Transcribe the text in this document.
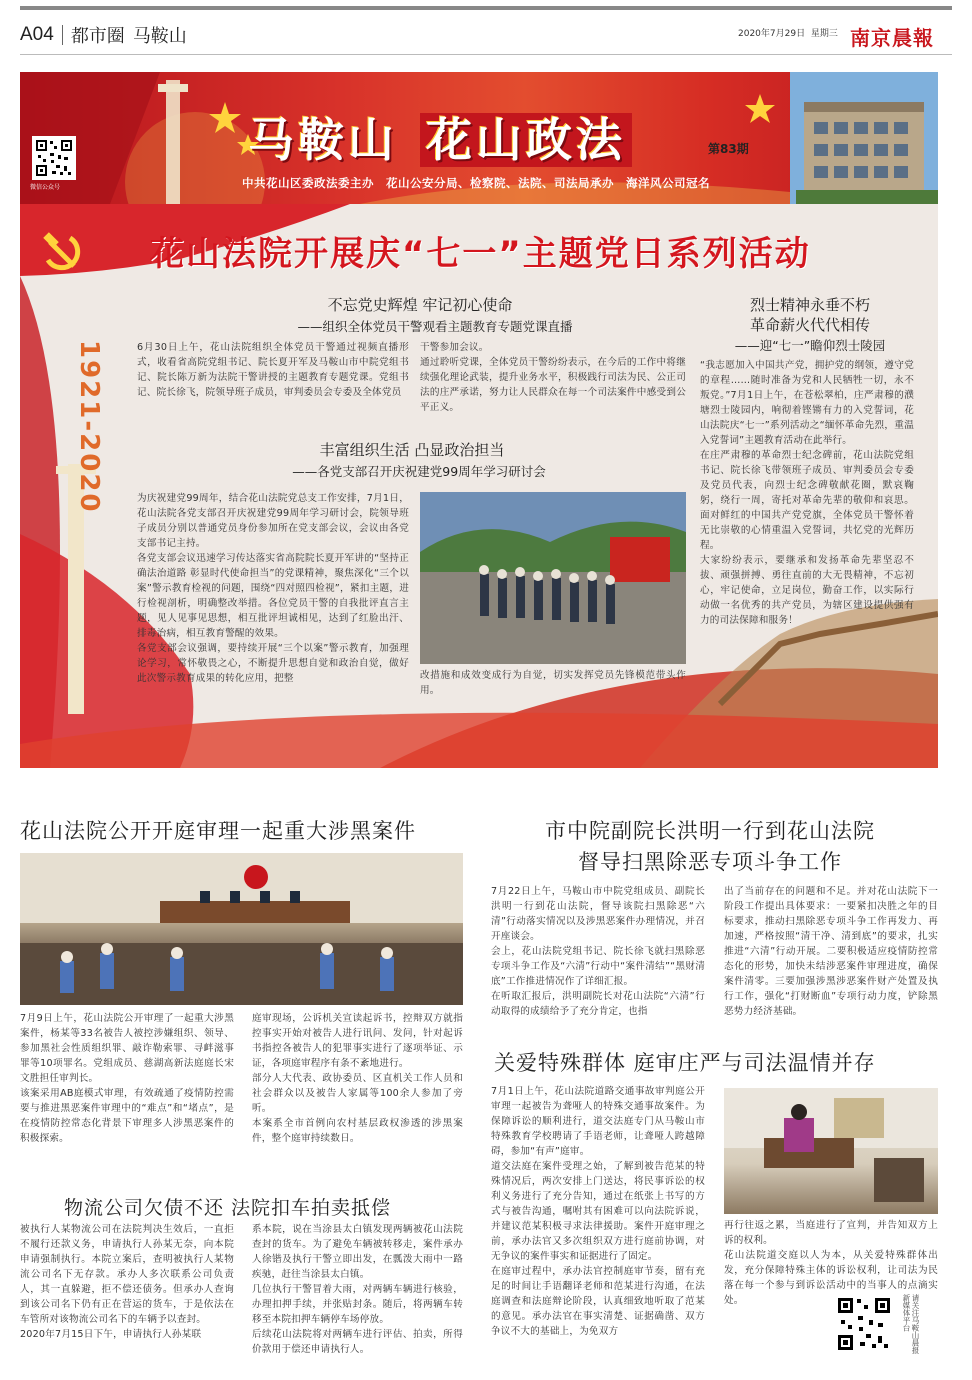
A04 都市圈 马鞍山	2020年7月29日 星期三 南京晨報
微信公众号
马鞍山 花山政法	第83期
中共花山区委政法委主办　花山公安分局、检察院、法院、司法局承办　海洋风公司冠名
1921-2020
花山法院开展庆“七一”主题党日系列活动
不忘党史辉煌 牢记初心使命
——组织全体党员干警观看主题教育专题党课直播
6月30日上午，花山法院组织全体党员干警通过视频直播形式，收看省高院党组书记、院长夏开军及马鞍山市中院党组书记、院长陈万新为法院干警讲授的主题教育专题党课。党组书记、院长徐飞，院领导班子成员，审判委员会专委及全体党员
干警参加会议。
通过聆听党课，全体党员干警纷纷表示，在今后的工作中将继续强化理论武装，提升业务水平，积极践行司法为民、公正司法的庄严承诺，努力让人民群众在每一个司法案件中感受到公平正义。
丰富组织生活 凸显政治担当
——各党支部召开庆祝建党99周年学习研讨会
为庆祝建党99周年，结合花山法院党总支工作安排，7月1日，花山法院各党支部召开庆祝建党99周年学习研讨会，院领导班子成员分别以普通党员身份参加所在党支部会议，会议由各党支部书记主持。
各党支部会议迅速学习传达落实省高院院长夏开军讲的“坚持正确法治道路 彰显时代使命担当”的党课精神，聚焦深化“三个以案”警示教育检视的问题，围绕“四对照四检视”，紧扣主题，进行检视剖析，明确整改举措。各位党员干警的自我批评直言主题，见人见事见思想，相互批评坦诚相见，达到了红脸出汗、排毒治病，相互教育警醒的效果。
各党支部会议强调，要持续开展“三个以案”警示教育，加强理论学习，常怀敬畏之心，不断提升思想自觉和政治自觉，做好此次警示教育成果的转化应用，把整	改措施和成效变成行为自觉，切实发挥党员先锋模范带头作用。
烈士精神永垂不朽
革命薪火代代相传
——迎“七一”瞻仰烈士陵园
“我志愿加入中国共产党，拥护党的纲领，遵守党的章程……随时准备为党和人民牺牲一切，永不叛党。”7月1日上午，在苍松翠柏，庄严肃穆的濮塘烈士陵园内，响彻着铿锵有力的入党誓词，花山法院庆“七一”系列活动之“缅怀革命先烈，重温入党誓词”主题教育活动在此举行。
在庄严肃穆的革命烈士纪念碑前，花山法院党组书记、院长徐飞带领班子成员、审判委员会专委及党员代表，向烈士纪念碑敬献花圈，默哀鞠躬，绕行一周，寄托对革命先辈的敬仰和哀思。面对鲜红的中国共产党党旗，全体党员干警怀着无比崇敬的心情重温入党誓词，共忆党的光辉历程。
大家纷纷表示，要继承和发扬革命先辈坚忍不拔、顽强拼搏、勇往直前的大无畏精神，不忘初心，牢记使命，立足岗位，勤奋工作，以实际行动做一名优秀的共产党员，为辖区建设提供强有力的司法保障和服务！
花山法院公开开庭审理一起重大涉黑案件
7月9日上午，花山法院公开审理了一起重大涉黑案件，杨某等33名被告人被控涉嫌组织、领导、参加黑社会性质组织罪、敲诈勒索罪、寻衅滋事罪等10项罪名。党组成员、慈湖高新法庭庭长宋文胜担任审判长。
该案采用AB庭模式审理，有效疏通了疫情防控需要与推进黑恶案件审理中的“难点”和“堵点”，是在疫情防控常态化背景下审理多人涉黑恶案件的积极探索。
庭审现场，公诉机关宣读起诉书，控辩双方就指控事实开始对被告人进行讯问、发问，针对起诉书指控各被告人的犯罪事实进行了逐项举证、示证，各项庭审程序有条不紊地进行。
部分人大代表、政协委员、区直机关工作人员和社会群众以及被告人家属等100余人参加了旁听。
本案系全市首例向农村基层政权渗透的涉黑案件，整个庭审持续数日。
物流公司欠债不还 法院扣车拍卖抵偿
被执行人某物流公司在法院判决生效后，一直拒不履行还款义务，申请执行人孙某无奈，向本院申请强制执行。本院立案后，查明被执行人某物流公司名下无存款。承办人多次联系公司负责人，其一直躲避，拒不偿还债务。但承办人查询到该公司名下仍有正在营运的货车，于是依法在车管所对该物流公司名下的车辆予以查封。
2020年7月15日下午，申请执行人孙某联
系本院，说在当涂县太白镇发现两辆被花山法院查封的货车。为了避免车辆被转移走，案件承办人徐锴及执行干警立即出发，在瓢泼大雨中一路疾驰，赶往当涂县太白镇。
几位执行干警冒着大雨，对两辆车辆进行核验，办理扣押手续，并张贴封条。随后，将两辆车转移至本院扣押车辆停车场停放。
后续花山法院将对两辆车进行评估、拍卖，所得价款用于偿还申请执行人。
市中院副院长洪明一行到花山法院
督导扫黑除恶专项斗争工作
7月22日上午，马鞍山市中院党组成员、副院长洪明一行到花山法院，督导该院扫黑除恶“六清”行动落实情况以及涉黑恶案件办理情况，并召开座谈会。
会上，花山法院党组书记、院长徐飞就扫黑除恶专项斗争工作及“六清”行动中“案件清结”“黑财清底”工作推进情况作了详细汇报。
在听取汇报后，洪明副院长对花山法院“六清”行动取得的成绩给予了充分肯定，也指
出了当前存在的问题和不足。并对花山法院下一阶段工作提出具体要求：一要紧扣决胜之年的目标要求，推动扫黑除恶专项斗争工作再发力、再加速，严格按照“清干净、清到底”的要求，扎实推进“六清”行动开展。二要积极适应疫情防控常态化的形势，加快未结涉恶案件审理进度，确保案件清零。三要加强涉黑涉恶案件财产处置及执行工作，强化“打财断血”专项行动力度，铲除黑恶势力经济基础。
关爱特殊群体 庭审庄严与司法温情并存
7月1日上午，花山法院道路交通事故审判庭公开审理一起被告为聋哑人的特殊交通事故案件。为保障诉讼的顺利进行，道交法庭专门从马鞍山市特殊教育学校聘请了手语老师，让聋哑人跨越障碍，参加“有声”庭审。
道交法庭在案件受理之始，了解到被告范某的特殊情况后，两次安排上门送达，将民事诉讼的权利义务进行了充分告知，通过在纸张上书写的方式与被告沟通，嘱咐其有困难可以向法院诉说，并建议范某积极寻求法律援助。案件开庭审理之前，承办法官又多次组织双方进行庭前协调，对无争议的案件事实和证据进行了固定。
在庭审过程中，承办法官控制庭审节奏，留有充足的时间让手语翻译老师和范某进行沟通，在法庭调查和法庭辩论阶段，认真细致地听取了范某的意见。承办法官在事实清楚、证据确凿、双方争议不大的基础上，为免双方
再行往返之累，当庭进行了宣判，并告知双方上诉的权利。
花山法院道交庭以人为本，从关爱特殊群体出发，充分保障特殊主体的诉讼权利，让司法为民落在每一个参与到诉讼活动中的当事人的点滴实处。	请关注马鞍山晨报新媒体平台
